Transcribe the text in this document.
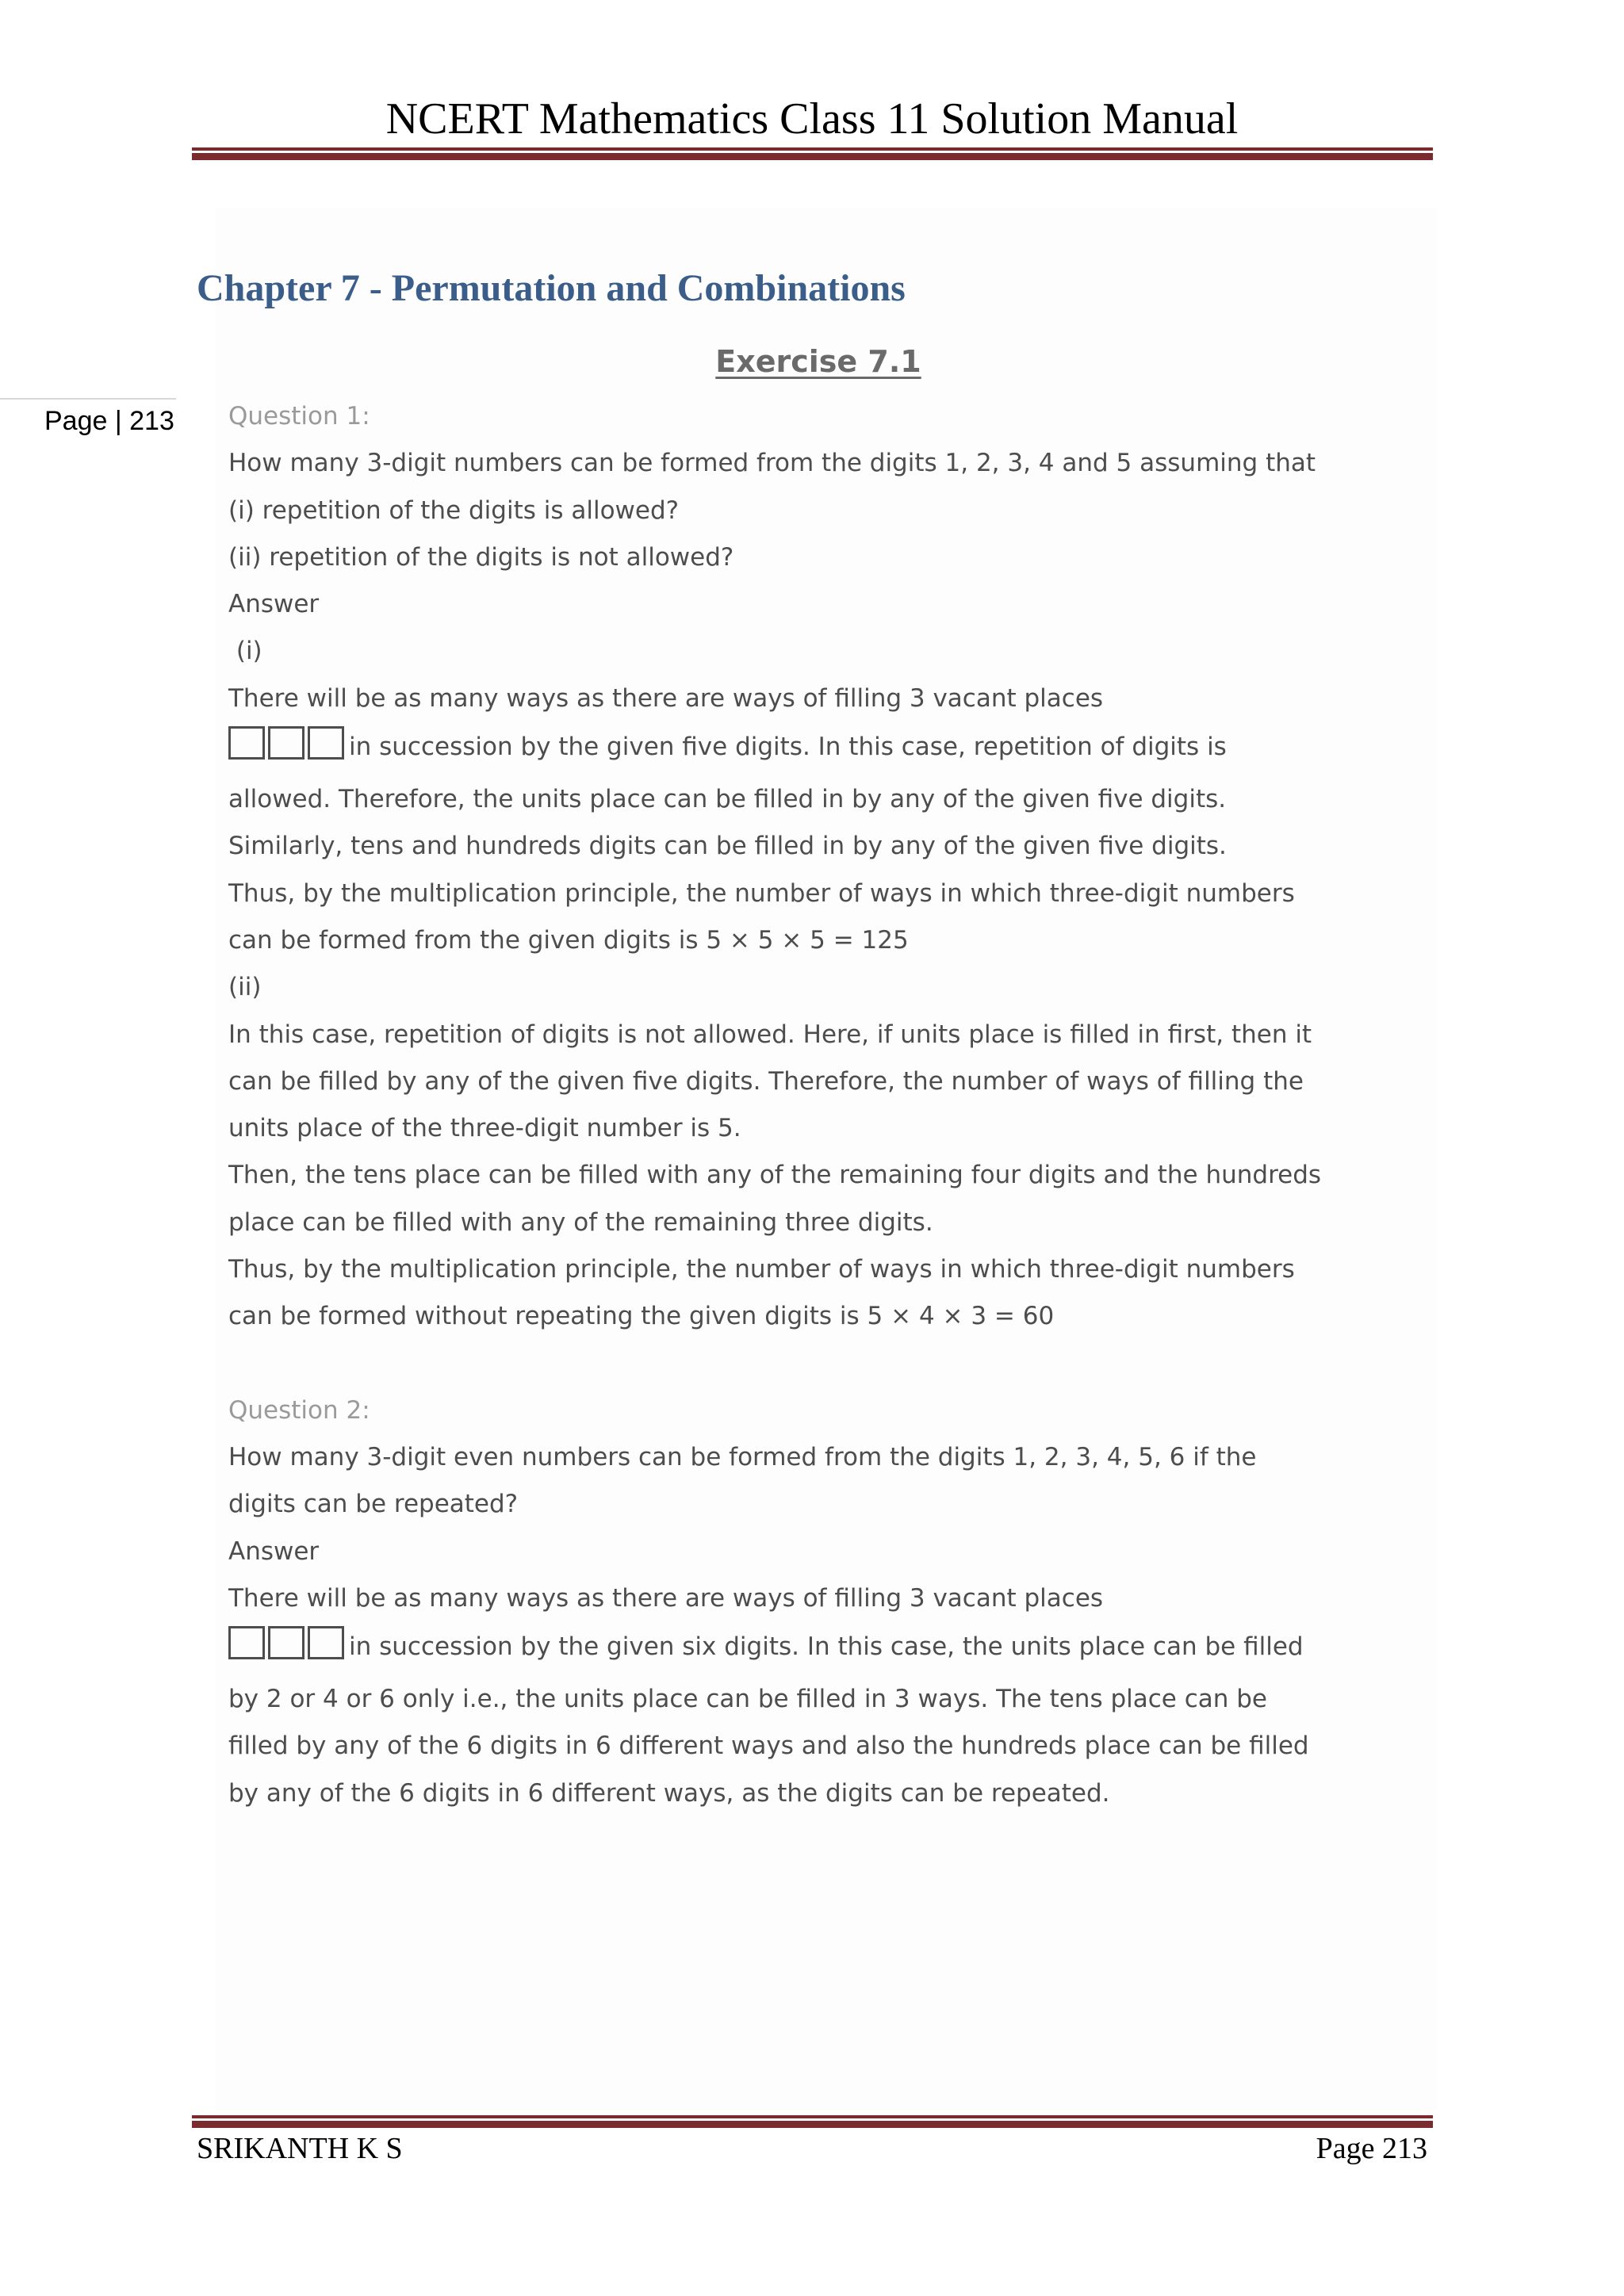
NCERT Mathematics Class 11 Solution Manual
Page | 213
Chapter 7 - Permutation and Combinations
Exercise 7.1

Question 1:

How many 3-digit numbers can be formed from the digits 1, 2, 3, 4 and 5 assuming that

(i) repetition of the digits is allowed?

(ii) repetition of the digits is not allowed?

Answer

(i)

There will be as many ways as there are ways of filling 3 vacant places

in succession by the given five digits. In this case, repetition of digits is

allowed. Therefore, the units place can be filled in by any of the given five digits.

Similarly, tens and hundreds digits can be filled in by any of the given five digits.

Thus, by the multiplication principle, the number of ways in which three-digit numbers

can be formed from the given digits is 5 × 5 × 5 = 125

(ii)

In this case, repetition of digits is not allowed. Here, if units place is filled in first, then it

can be filled by any of the given five digits. Therefore, the number of ways of filling the

units place of the three-digit number is 5.

Then, the tens place can be filled with any of the remaining four digits and the hundreds

place can be filled with any of the remaining three digits.

Thus, by the multiplication principle, the number of ways in which three-digit numbers

can be formed without repeating the given digits is 5 × 4 × 3 = 60

Question 2:

How many 3-digit even numbers can be formed from the digits 1, 2, 3, 4, 5, 6 if the

digits can be repeated?

Answer

There will be as many ways as there are ways of filling 3 vacant places

in succession by the given six digits. In this case, the units place can be filled

by 2 or 4 or 6 only i.e., the units place can be filled in 3 ways. The tens place can be

filled by any of the 6 digits in 6 different ways and also the hundreds place can be filled

by any of the 6 digits in 6 different ways, as the digits can be repeated.

SRIKANTH K S	Page 213
